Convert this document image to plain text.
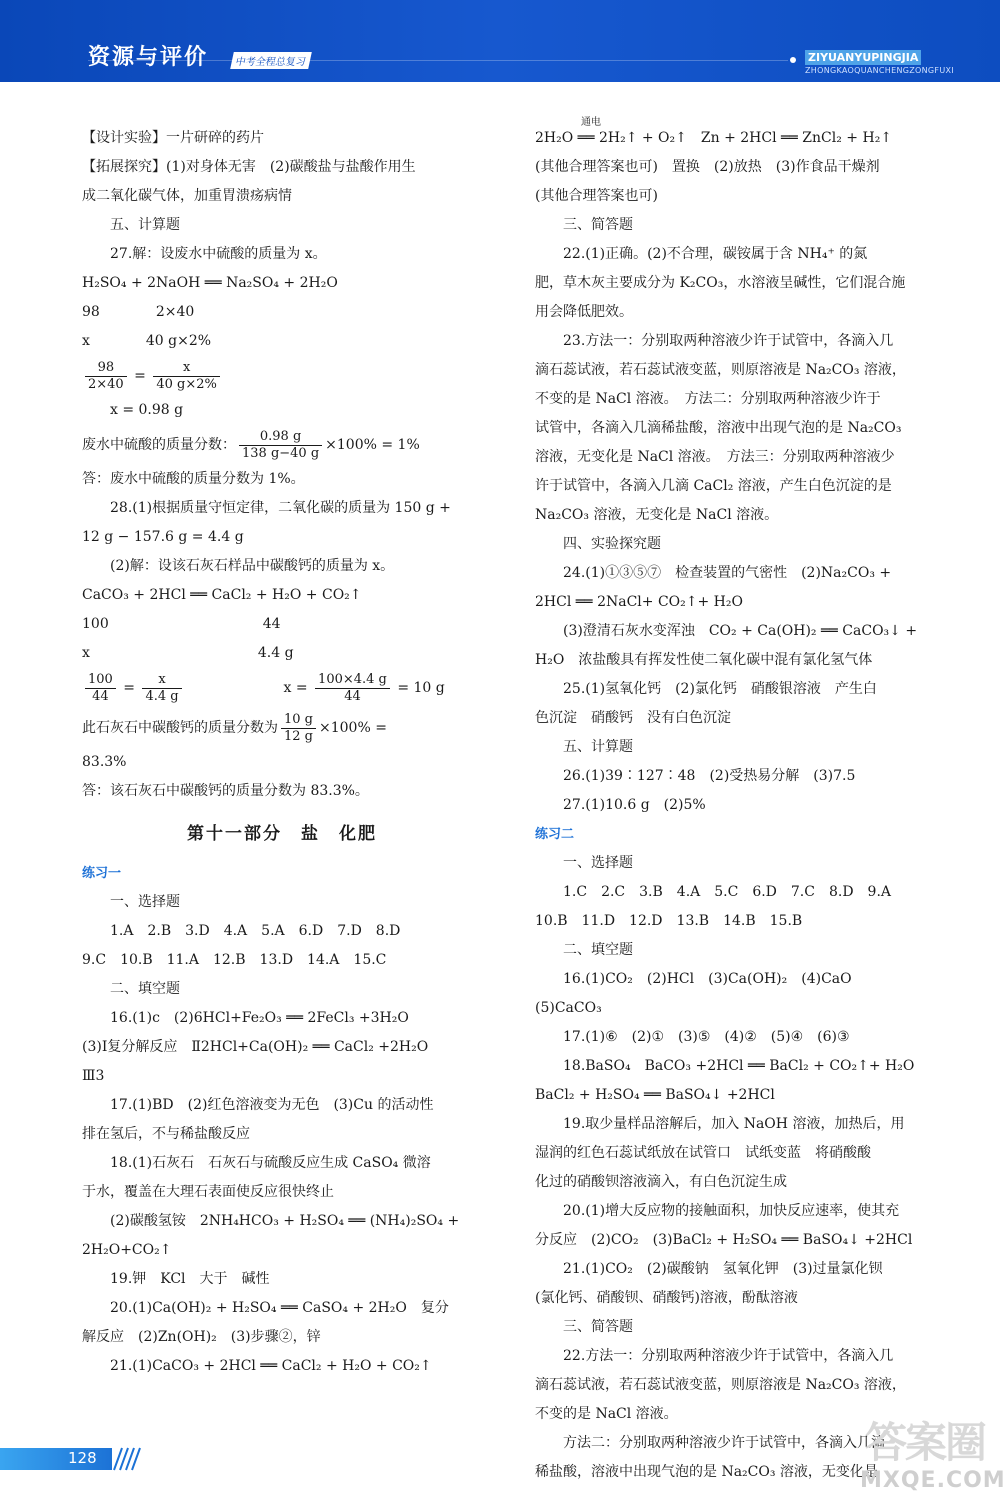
资源与评价	中考全程总复习	ZIYUANYUPINGJIA
ZHONGKAOQUANCHENGZONGFUXI

【设计实验】一片研碎的药片

【拓展探究】(1)对身体无害　(2)碳酸盐与盐酸作用生

成二氧化碳气体，加重胃溃疡病情

五、计算题

27.解：设废水中硫酸的质量为 x。

H₂SO₄ + 2NaOH ══ Na₂SO₄ + 2H₂O

98　　　　2×40

x　　　　40 g×2%

$\frac{98}{2\times 40} = \frac{x}{40 g\times 2\%}$

x = 0.98 g

废水中硫酸的质量分数： $\frac{0.98 g}{138 g-40 g} \times 100\% = 1\%$

答：废水中硫酸的质量分数为 1%。

28.(1)根据质量守恒定律，二氧化碳的质量为 150 g +

12 g − 157.6 g = 4.4 g

(2)解：设该石灰石样品中碳酸钙的质量为 x。

CaCO₃ + 2HCl ══ CaCl₂ + H₂O + CO₂↑

100　　　　　　　　　　　44

x　　　　　　　　　　　　4.4 g

$\frac{100}{44} = \frac{x}{4.4 g}$	$x = \frac{100\times 4.4 g}{44} = 10$ g

此石灰石中碳酸钙的质量分数为 $\frac{10 g}{12 g} \times 100\%$ =

83.3%

答：该石灰石中碳酸钙的质量分数为 83.3%。

第十一部分　盐　化肥

练习一

一、选择题

1.A　2.B　3.D　4.A　5.A　6.D　7.D　8.D

9.C　10.B　11.A　12.B　13.D　14.A　15.C

二、填空题

16.(1)c　(2)6HCl+Fe₂O₃ ══ 2FeCl₃ +3H₂O

(3)Ⅰ复分解反应　Ⅱ2HCl+Ca(OH)₂ ══ CaCl₂ +2H₂O

Ⅲ3

17.(1)BD　(2)红色溶液变为无色　(3)Cu 的活动性

排在氢后，不与稀盐酸反应

18.(1)石灰石　石灰石与硫酸反应生成 CaSO₄ 微溶

于水，覆盖在大理石表面使反应很快终止

(2)碳酸氢铵　2NH₄HCO₃ + H₂SO₄ ══ (NH₄)₂SO₄ +

2H₂O+CO₂↑

19.钾　KCl　大于　碱性

20.(1)Ca(OH)₂ + H₂SO₄ ══ CaSO₄ + 2H₂O　复分

解反应　(2)Zn(OH)₂　(3)步骤②，锌

21.(1)CaCO₃ + 2HCl ══ CaCl₂ + H₂O + CO₂↑

通电
2H₂O ══ 2H₂↑ + O₂↑　Zn + 2HCl ══ ZnCl₂ + H₂↑

(其他合理答案也可)　置换　(2)放热　(3)作食品干燥剂

(其他合理答案也可)

三、简答题

22.(1)正确。(2)不合理，碳铵属于含 NH₄⁺ 的氮

肥，草木灰主要成分为 K₂CO₃，水溶液呈碱性，它们混合施

用会降低肥效。

23.方法一：分别取两种溶液少许于试管中，各滴入几

滴石蕊试液，若石蕊试液变蓝，则原溶液是 Na₂CO₃ 溶液，

不变的是 NaCl 溶液。　方法二：分别取两种溶液少许于

试管中，各滴入几滴稀盐酸，溶液中出现气泡的是 Na₂CO₃

溶液，无变化是 NaCl 溶液。　方法三：分别取两种溶液少

许于试管中，各滴入几滴 CaCl₂ 溶液，产生白色沉淀的是

Na₂CO₃ 溶液，无变化是 NaCl 溶液。

四、实验探究题

24.(1)①③⑤⑦　检查装置的气密性　(2)Na₂CO₃ +

2HCl ══ 2NaCl+ CO₂↑+ H₂O

(3)澄清石灰水变浑浊　CO₂ + Ca(OH)₂ ══ CaCO₃↓ +

H₂O　浓盐酸具有挥发性使二氧化碳中混有氯化氢气体

25.(1)氢氧化钙　(2)氯化钙　硝酸银溶液　产生白

色沉淀　硝酸钙　没有白色沉淀

五、计算题

26.(1)39∶127∶48　(2)受热易分解　(3)7.5

27.(1)10.6 g　(2)5%

练习二

一、选择题

1.C　2.C　3.B　4.A　5.C　6.D　7.C　8.D　9.A

10.B　11.D　12.D　13.B　14.B　15.B

二、填空题

16.(1)CO₂　(2)HCl　(3)Ca(OH)₂　(4)CaO

(5)CaCO₃

17.(1)⑥　(2)①　(3)⑤　(4)②　(5)④　(6)③

18.BaSO₄　BaCO₃ +2HCl ══ BaCl₂ + CO₂↑+ H₂O

BaCl₂ + H₂SO₄ ══ BaSO₄↓ +2HCl

19.取少量样品溶解后，加入 NaOH 溶液，加热后，用

湿润的红色石蕊试纸放在试管口　试纸变蓝　将硝酸酸

化过的硝酸钡溶液滴入，有白色沉淀生成

20.(1)增大反应物的接触面积，加快反应速率，使其充

分反应　(2)CO₂　(3)BaCl₂ + H₂SO₄ ══ BaSO₄↓ +2HCl

21.(1)CO₂　(2)碳酸钠　氢氧化钾　(3)过量氯化钡

(氯化钙、硝酸钡、硝酸钙)溶液，酚酞溶液

三、简答题

22.方法一：分别取两种溶液少许于试管中，各滴入几

滴石蕊试液，若石蕊试液变蓝，则原溶液是 Na₂CO₃ 溶液，

不变的是 NaCl 溶液。

方法二：分别取两种溶液少许于试管中，各滴入几滴

稀盐酸，溶液中出现气泡的是 Na₂CO₃ 溶液，无变化是

128	答案圈
MXQE.COM
